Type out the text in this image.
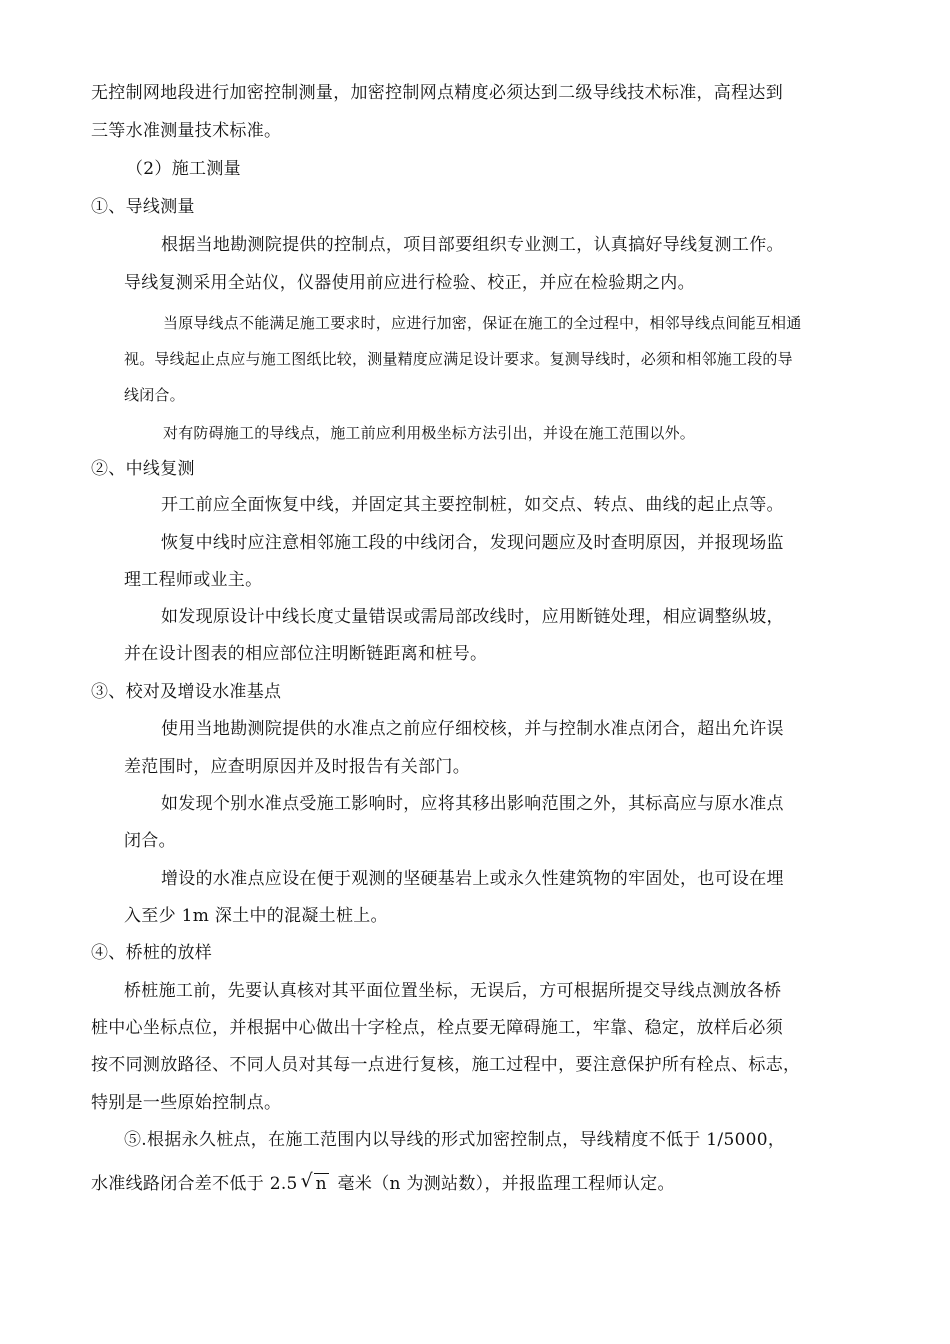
无控制网地段进行加密控制测量，加密控制网点精度必须达到二级导线技术标准，高程达到
三等水准测量技术标准。
（2）施工测量
①、导线测量
根据当地勘测院提供的控制点，项目部要组织专业测工，认真搞好导线复测工作。
导线复测采用全站仪，仪器使用前应进行检验、校正，并应在检验期之内。
当原导线点不能满足施工要求时，应进行加密，保证在施工的全过程中，相邻导线点间能互相通
视。导线起止点应与施工图纸比较，测量精度应满足设计要求。复测导线时，必须和相邻施工段的导
线闭合。
对有防碍施工的导线点，施工前应利用极坐标方法引出，并设在施工范围以外。
②、中线复测
开工前应全面恢复中线，并固定其主要控制桩，如交点、转点、曲线的起止点等。
恢复中线时应注意相邻施工段的中线闭合，发现问题应及时查明原因，并报现场监
理工程师或业主。
如发现原设计中线长度丈量错误或需局部改线时，应用断链处理，相应调整纵坡，
并在设计图表的相应部位注明断链距离和桩号。
③、校对及增设水准基点
使用当地勘测院提供的水准点之前应仔细校核，并与控制水准点闭合，超出允许误
差范围时，应查明原因并及时报告有关部门。
如发现个别水准点受施工影响时，应将其移出影响范围之外，其标高应与原水准点
闭合。
增设的水准点应设在便于观测的坚硬基岩上或永久性建筑物的牢固处，也可设在埋
入至少 1m 深土中的混凝土桩上。
④、桥桩的放样
桥桩施工前，先要认真核对其平面位置坐标，无误后，方可根据所提交导线点测放各桥
桩中心坐标点位，并根据中心做出十字栓点，栓点要无障碍施工，牢靠、稳定，放样后必须
按不同测放路径、不同人员对其每一点进行复核，施工过程中，要注意保护所有栓点、标志，
特别是一些原始控制点。
⑤.根据永久桩点，在施工范围内以导线的形式加密控制点，导线精度不低于 1/5000，
水准线路闭合差不低于 2.5 √ n 毫米（n 为测站数），并报监理工程师认定。
